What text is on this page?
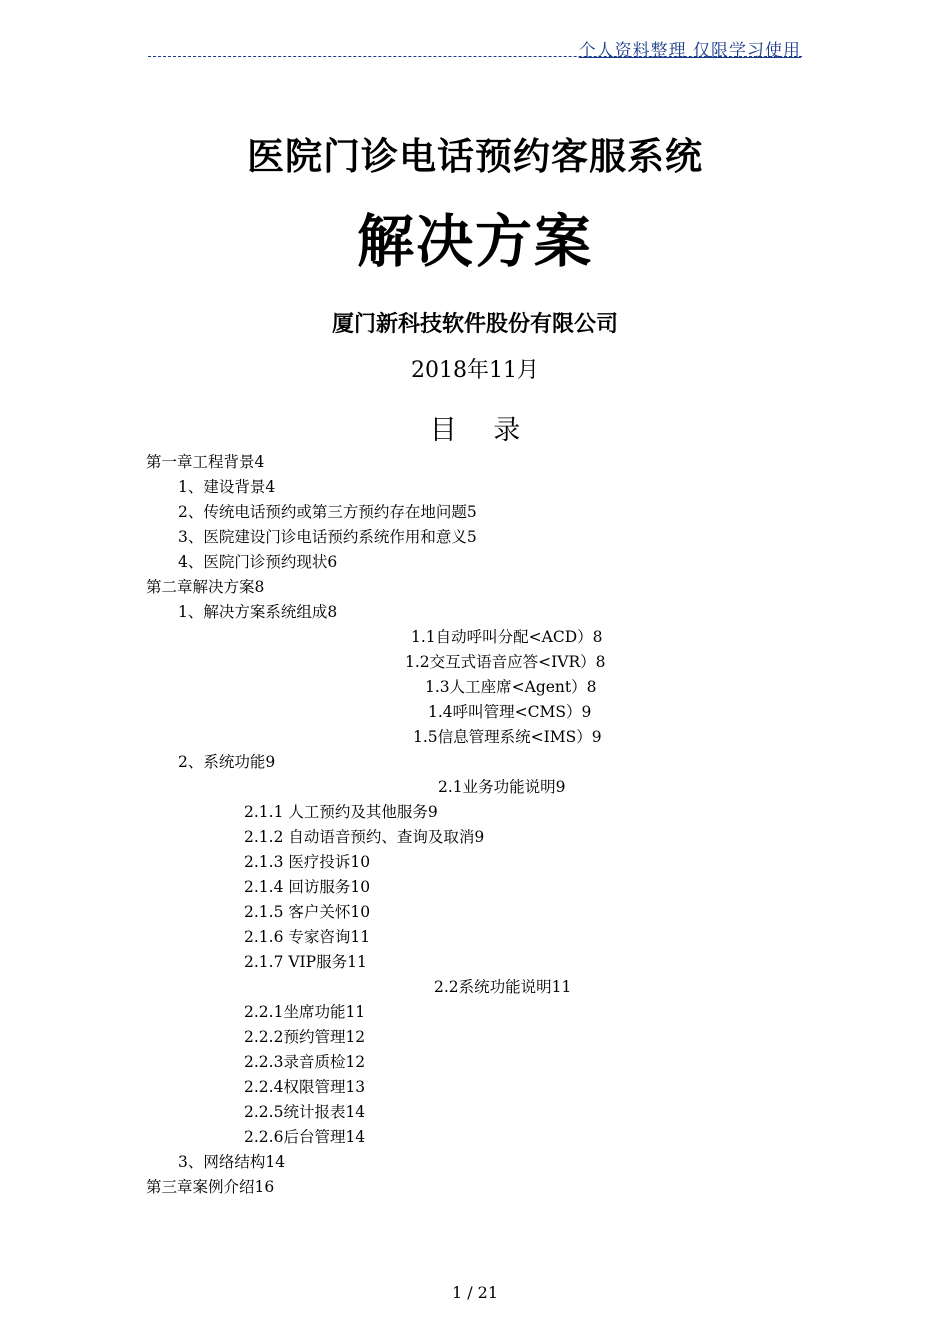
个人资料整理 仅限学习使用
医院门诊电话预约客服系统
解决方案
厦门新科技软件股份有限公司
2018年11月
目 录
第一章工程背景4
1、建设背景4
2、传统电话预约或第三方预约存在地问题5
3、医院建设门诊电话预约系统作用和意义5
4、医院门诊预约现状6
第二章解决方案8
1、解决方案系统组成8
1.1自动呼叫分配<ACD）8
1.2交互式语音应答<IVR）8
1.3人工座席<Agent）8
1.4呼叫管理<CMS）9
1.5信息管理系统<IMS）9
2、系统功能9
2.1业务功能说明9
2.1.1 人工预约及其他服务9
2.1.2 自动语音预约、查询及取消9
2.1.3 医疗投诉10
2.1.4 回访服务10
2.1.5 客户关怀10
2.1.6 专家咨询11
2.1.7 VIP服务11
2.2系统功能说明11
2.2.1坐席功能11
2.2.2预约管理12
2.2.3录音质检12
2.2.4权限管理13
2.2.5统计报表14
2.2.6后台管理14
3、网络结构14
第三章案例介绍16
1 / 21
